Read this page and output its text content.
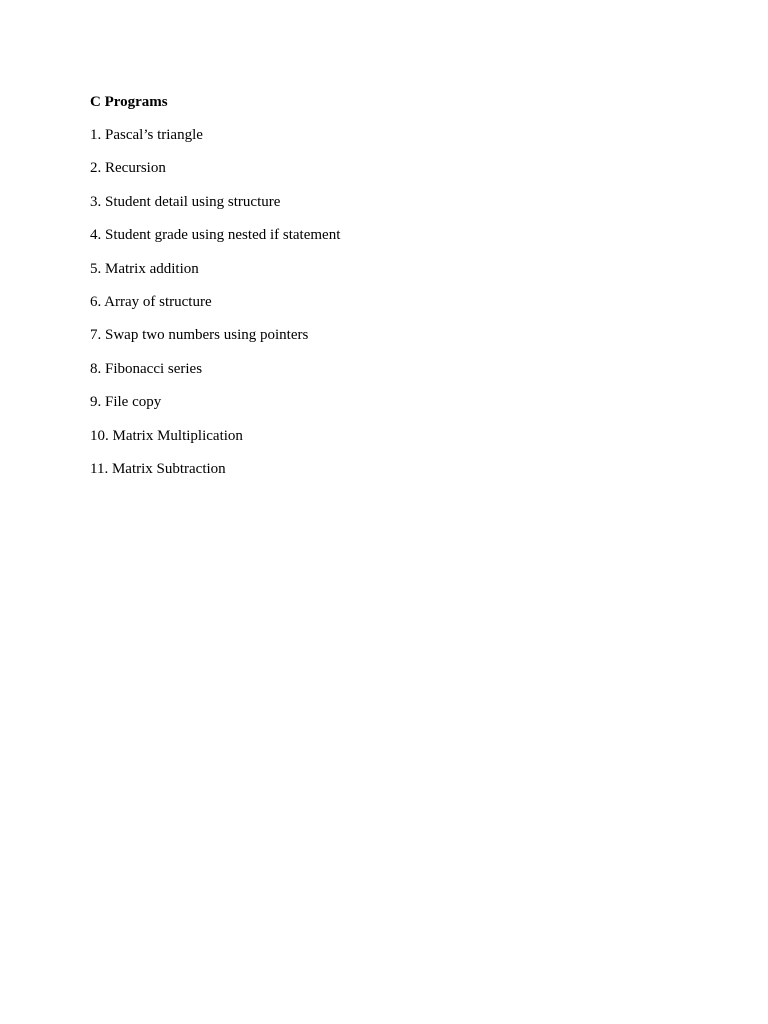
C Programs
1. Pascal’s triangle
2. Recursion
3. Student detail using structure
4. Student grade using nested if statement
5. Matrix addition
6. Array of structure
7. Swap two numbers using pointers
8. Fibonacci series
9. File copy
10. Matrix Multiplication
11. Matrix Subtraction
